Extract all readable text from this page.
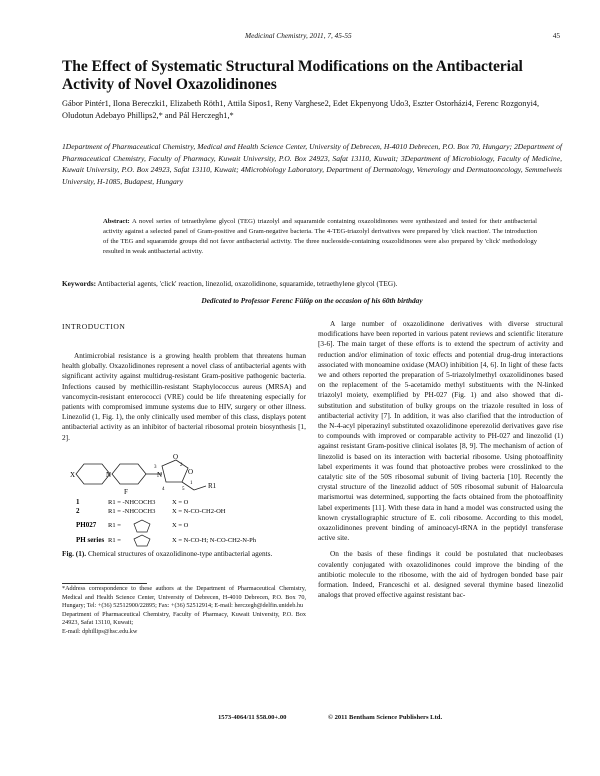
Medicinal Chemistry, 2011, 7, 45-55	45
The Effect of Systematic Structural Modifications on the Antibacterial Activity of Novel Oxazolidinones
Gábor Pintér1, Ilona Bereczki1, Elizabeth Röth1, Attila Sipos1, Reny Varghese2, Edet Ekpenyong Udo3, Eszter Ostorházi4, Ferenc Rozgonyi4, Oludotun Adebayo Phillips2,* and Pál Herczegh1,*
1Department of Pharmaceutical Chemistry, Medical and Health Science Center, University of Debrecen, H-4010 Debrecen, P.O. Box 70, Hungary; 2Department of Pharmaceutical Chemistry, Faculty of Pharmacy, Kuwait University, P.O. Box 24923, Safat 13110, Kuwait; 3Department of Microbiology, Faculty of Medicine, Kuwait University, P.O. Box 24923, Safat 13110, Kuwait; 4Microbiology Laboratory, Department of Dermatology, Venerology and Dermatooncology, Semmelweis University, H-1085, Budapest, Hungary
Abstract: A novel series of tetraethylene glycol (TEG) triazolyl and squaramide containing oxazolidinones were synthesized and tested for their antibacterial activity against a selected panel of Gram-positive and Gram-negative bacteria. The 4-TEG-triazolyl derivatives were prepared by 'click reaction'. The introduction of the TEG and squaramide groups did not favor antibacterial activity. The three nucleoside-containing oxazolidinones were also prepared by 'click' methodology resulted in weak antibacterial activity.
Keywords: Antibacterial agents, 'click' reaction, linezolid, oxazolidinone, squaramide, tetraethylene glycol (TEG).
Dedicated to Professor Ferenc Fülöp on the occasion of his 60th birthday
INTRODUCTION

Antimicrobial resistance is a growing health problem that threatens human health globally. Oxazolidinones represent a novel class of antibacterial agents with significant activity against multidrug-resistant Gram-positive pathogenic bacteria. Infections caused by methicillin-resistant Staphylococcus aureus (MRSA) and vancomycin-resistant enterococci (VRE) could be life threatening especially for patients with compromised immune systems due to HIV, surgery or other illness. Linezolid (1, Fig. 1), the only clinically used member of this class, displays potent antibacterial activity as an inhibitor of bacterial ribosomal protein biosynthesis [1, 2].

X	N
F
N	O
O
R1
1
2
3
4	5
1	R1 = -NHCOCH3	X = O
2	R1 = -NHCOCH3	X = N-CO-CH2-OH
PH027 R1 =	X = O
PH series R1 =	X = N-CO-H; N-CO-CH2-N-Ph
Fig. (1). Chemical structures of oxazolidinone-type antibacterial agents.
*Address correspondence to these authors at the Department of Pharmaceutical Chemistry, Medical and Health Science Center, University of Debrecen, H-4010 Debrecen, P.O. Box 70, Hungary; Tel: +(36) 52512900/22895; Fax: +(36) 52512914; E-mail: herczegh@delfin.unideb.hu
Department of Pharmaceutical Chemistry, Faculty of Pharmacy, Kuwait University, P.O. Box 24923, Safat 13110, Kuwait;
E-mail: dphillips@hsc.edu.kw

A large number of oxazolidinone derivatives with diverse structural modifications have been reported in various patent reviews and scientific literature [3-6]. The main target of these efforts is to extend the spectrum of activity and reduction and/or elimination of toxic effects and potential drug-drug interactions associated with monoamine oxidase (MAO) inhibition [4, 6]. In light of these facts we and others reported the preparation of 5-triazolylmethyl oxazolidinones based on the replacement of the 5-acetamido methyl substituents with the N-linked triazolyl moiety, exemplified by PH-027 (Fig. 1) and also showed that di-substitution and substitution of bulky groups on the triazole resulted in loss of antibacterial activity [7]. In addition, it was also clarified that the introduction of the N-4-acyl piperazinyl substituted oxazolidinone eperezolid derivatives gave rise to compounds with improved or comparable activity to PH-027 and linezolid (1) against resistant Gram-positive clinical isolates [8, 9]. The mechanism of action of linezolid is based on its interaction with bacterial ribosome. Using photoaffinity label experiments it was found that photoactive probes were crosslinked to the catalytic site of the 50S ribosomal subunit of living bacteria [10]. Recently the crystal structure of the linezolid adduct of 50S ribosomal subunit of Haloarcula marismortui was determined, supporting the facts obtained from the photoaffinity label experiments [11]. With these data in hand a model was constructed using the known crystallographic structure of E. coli ribosome. According to this model, oxazolidinones prevent binding of aminoacyl-tRNA in the peptidyl transferase active site.

On the basis of these findings it could be postulated that nucleobases covalently conjugated with oxazolidinones could improve the binding of the antibiotic molecule to the ribosome, with the aid of hydrogen bonded base pair formation. Indeed, Franceschi et al. designed several thymine based linezolid analogs that proved effective against resistant bac-

1573-4064/11 $58.00+.00	© 2011 Bentham Science Publishers Ltd.
